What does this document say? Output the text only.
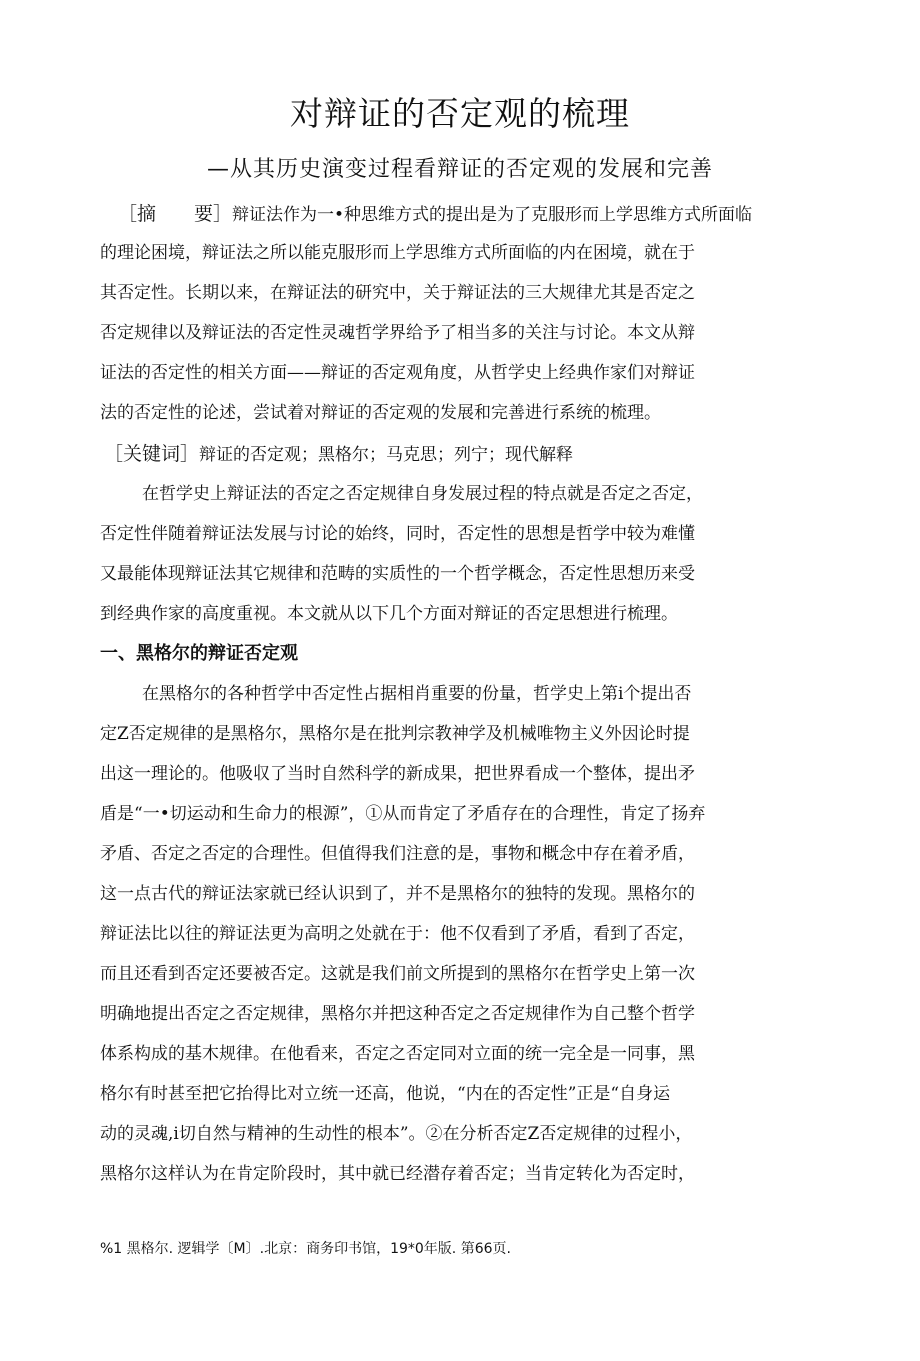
对辩证的否定观的梳理
—从其历史演变过程看辩证的否定观的发展和完善
［摘　　要］辩证法作为一•种思维方式的提出是为了克服形而上学思维方式所面临
的理论困境，辩证法之所以能克服形而上学思维方式所面临的内在困境，就在于
其否定性。长期以来，在辩证法的研究中，关于辩证法的三大规律尤其是否定之
否定规律以及辩证法的否定性灵魂哲学界给予了相当多的关注与讨论。本文从辩
证法的否定性的相关方面——辩证的否定观角度，从哲学史上经典作家们对辩证
法的否定性的论述，尝试着对辩证的否定观的发展和完善进行系统的梳理。
［关键词］辩证的否定观；黑格尔；马克思；列宁；现代解释
在哲学史上辩证法的否定之否定规律自身发展过程的特点就是否定之否定，
否定性伴随着辩证法发展与讨论的始终，同时，否定性的思想是哲学中较为难懂
又最能体现辩证法其它规律和范畴的实质性的一个哲学概念，否定性思想历来受
到经典作家的高度重视。本文就从以下几个方面对辩证的否定思想进行梳理。
一、黑格尔的辩证否定观
在黑格尔的各种哲学中否定性占据相肖重要的份量，哲学史上第i个提出否
定Z否定规律的是黑格尔，黑格尔是在批判宗教神学及机械唯物主义外因论时提
出这一理论的。他吸収了当时自然科学的新成果，把世界看成一个整体，提出矛
盾是“一•切运动和生命力的根源”，①从而肯定了矛盾存在的合理性，肯定了扬弃
矛盾、否定之否定的合理性。但值得我们注意的是，事物和概念中存在着矛盾，
这一点古代的辩证法家就已经认识到了，并不是黑格尔的独特的发现。黑格尔的
辩证法比以往的辩证法更为高明之处就在于：他不仅看到了矛盾，看到了否定，
而且还看到否定还要被否定。这就是我们前文所提到的黑格尔在哲学史上第一次
明确地提出否定之否定规律，黑格尔并把这种否定之否定规律作为自己整个哲学
体系构成的基木规律。在他看来，否定之否定同对立面的统一完全是一同事，黑
格尔有时甚至把它抬得比对立统一还高，他说，“内在的否定性”正是“自身运
动的灵魂,i切自然与精神的生动性的根本”。②在分析否定Z否定规律的过程小，
黑格尔这样认为在肯定阶段时，其中就已经潜存着否定；当肯定转化为否定时，
%1 黑格尔. 逻辑学〔M〕.北京：商务印书馆，19*0年版. 第66页.
